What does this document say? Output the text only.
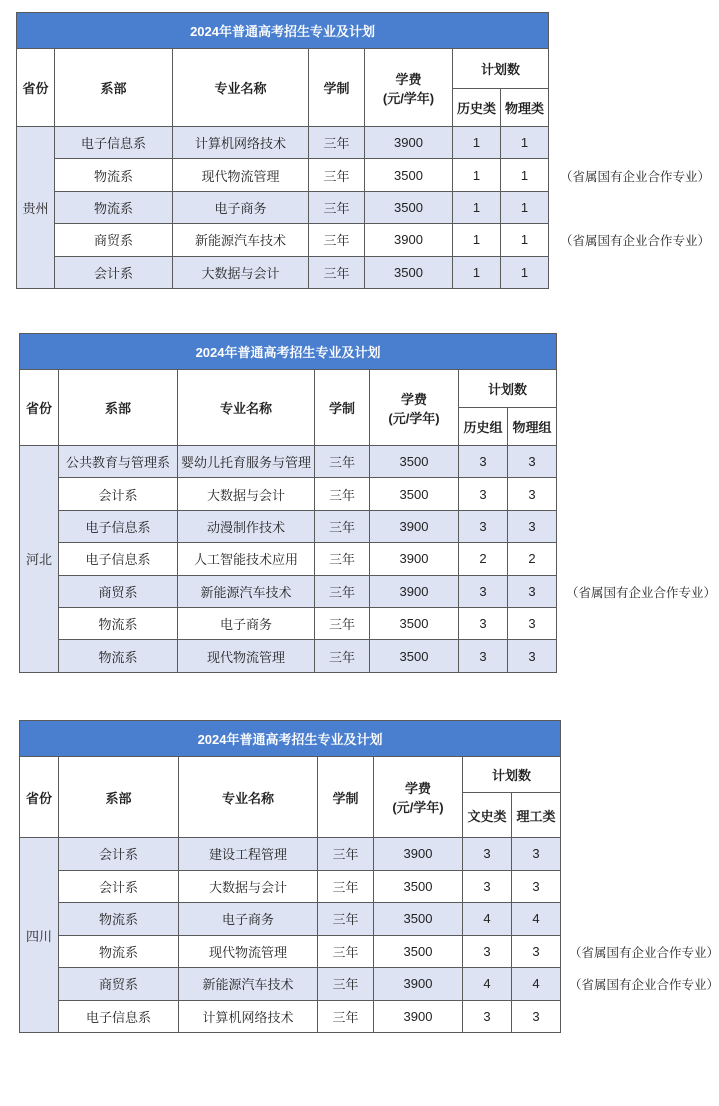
2024年普通高考招生专业及计划						
省份	系部	专业名称	学制	学费
(元/学年)	计划数	
					历史类	物理类
贵州	电子信息系	计算机网络技术	三年	3900	1	1
	物流系	现代物流管理	三年	3500	1	1
	物流系	电子商务	三年	3500	1	1
	商贸系	新能源汽车技术	三年	3900	1	1
	会计系	大数据与会计	三年	3500	1	1
（省属国有企业合作专业）
（省属国有企业合作专业）
2024年普通高考招生专业及计划						
省份	系部	专业名称	学制	学费
(元/学年)	计划数	
					历史组	物理组
河北	公共教育与管理系	婴幼儿托育服务与管理	三年	3500	3	3
	会计系	大数据与会计	三年	3500	3	3
	电子信息系	动漫制作技术	三年	3900	3	3
	电子信息系	人工智能技术应用	三年	3900	2	2
	商贸系	新能源汽车技术	三年	3900	3	3
	物流系	电子商务	三年	3500	3	3
	物流系	现代物流管理	三年	3500	3	3
（省属国有企业合作专业）
2024年普通高考招生专业及计划						
省份	系部	专业名称	学制	学费
(元/学年)	计划数	
					文史类	理工类
四川	会计系	建设工程管理	三年	3900	3	3
	会计系	大数据与会计	三年	3500	3	3
	物流系	电子商务	三年	3500	4	4
	物流系	现代物流管理	三年	3500	3	3
	商贸系	新能源汽车技术	三年	3900	4	4
	电子信息系	计算机网络技术	三年	3900	3	3
（省属国有企业合作专业）
（省属国有企业合作专业）
